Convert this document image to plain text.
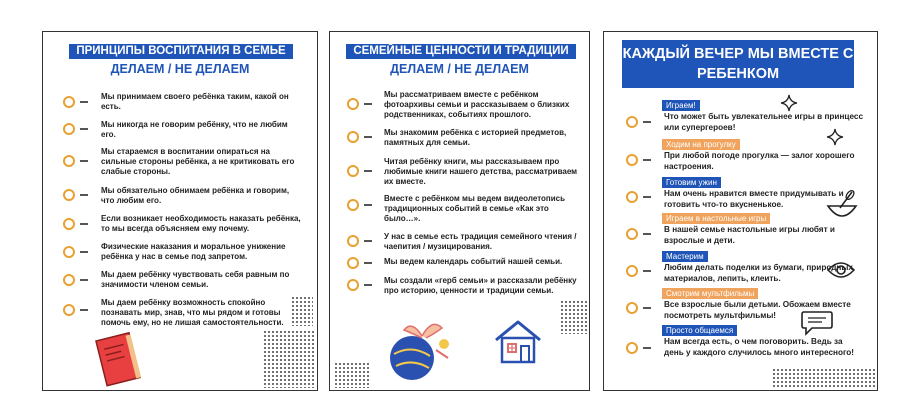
ПРИНЦИПЫ ВОСПИТАНИЯ В СЕМЬЕ
ДЕЛАЕМ / НЕ ДЕЛАЕМ
Мы принимаем своего ребёнка таким, какой он есть.
Мы никогда не говорим ребёнку, что не любим его.
Мы стараемся в воспитании опираться на сильные стороны ребёнка, а не критиковать его слабые стороны.
Мы обязательно обнимаем ребёнка и говорим, что любим его.
Если возникает необходимость наказать ребёнка, то мы всегда объясняем ему почему.
Физические наказания и моральное унижение ребёнка у нас в семье под запретом.
Мы даем ребёнку чувствовать себя равным по значимости членом семьи.
Мы даем ребёнку возможность спокойно познавать мир, знав, что мы рядом и готовы помочь ему, но не лишая самостоятельности.
СЕМЕЙНЫЕ ЦЕННОСТИ И ТРАДИЦИИ
ДЕЛАЕМ / НЕ ДЕЛАЕМ
Мы рассматриваем вместе с ребёнком фотоархивы семьи и рассказываем о близких родственниках, событиях прошлого.
Мы знакомим ребёнка с историей предметов, памятных для семьи.
Читая ребёнку книги, мы рассказываем про любимые книги нашего детства, рассматриваем их вместе.
Вместе с ребёнком мы ведем видеолетопись традиционных событий в семье «Как это было…».
У нас в семье есть традиция семейного чтения / чаепития / музицирования.
Мы ведем календарь событий нашей семьи.
Мы создали «герб семьи» и рассказали ребёнку про историю, ценности и традиции семьи.
КАЖДЫЙ ВЕЧЕР МЫ ВМЕСТЕ С РЕБЕНКОМ
Играем!
Что может быть увлекательнее игры в принцесс или супергероев!
Ходим на прогулку
При любой погоде прогулка — залог хорошего настроения.
Готовим ужин
Нам очень нравится вместе придумывать и готовить что-то вкусненькое.
Играем в настольные игры
В нашей семье настольные игры любят и взрослые и дети.
Мастерим
Любим делать поделки из бумаги, природных материалов, лепить, клеить.
Смотрим мультфильмы
Все взрослые были детьми. Обожаем вместе посмотреть мультфильмы!
Просто общаемся
Нам всегда есть, о чем поговорить. Ведь за день у каждого случилось много интересного!
